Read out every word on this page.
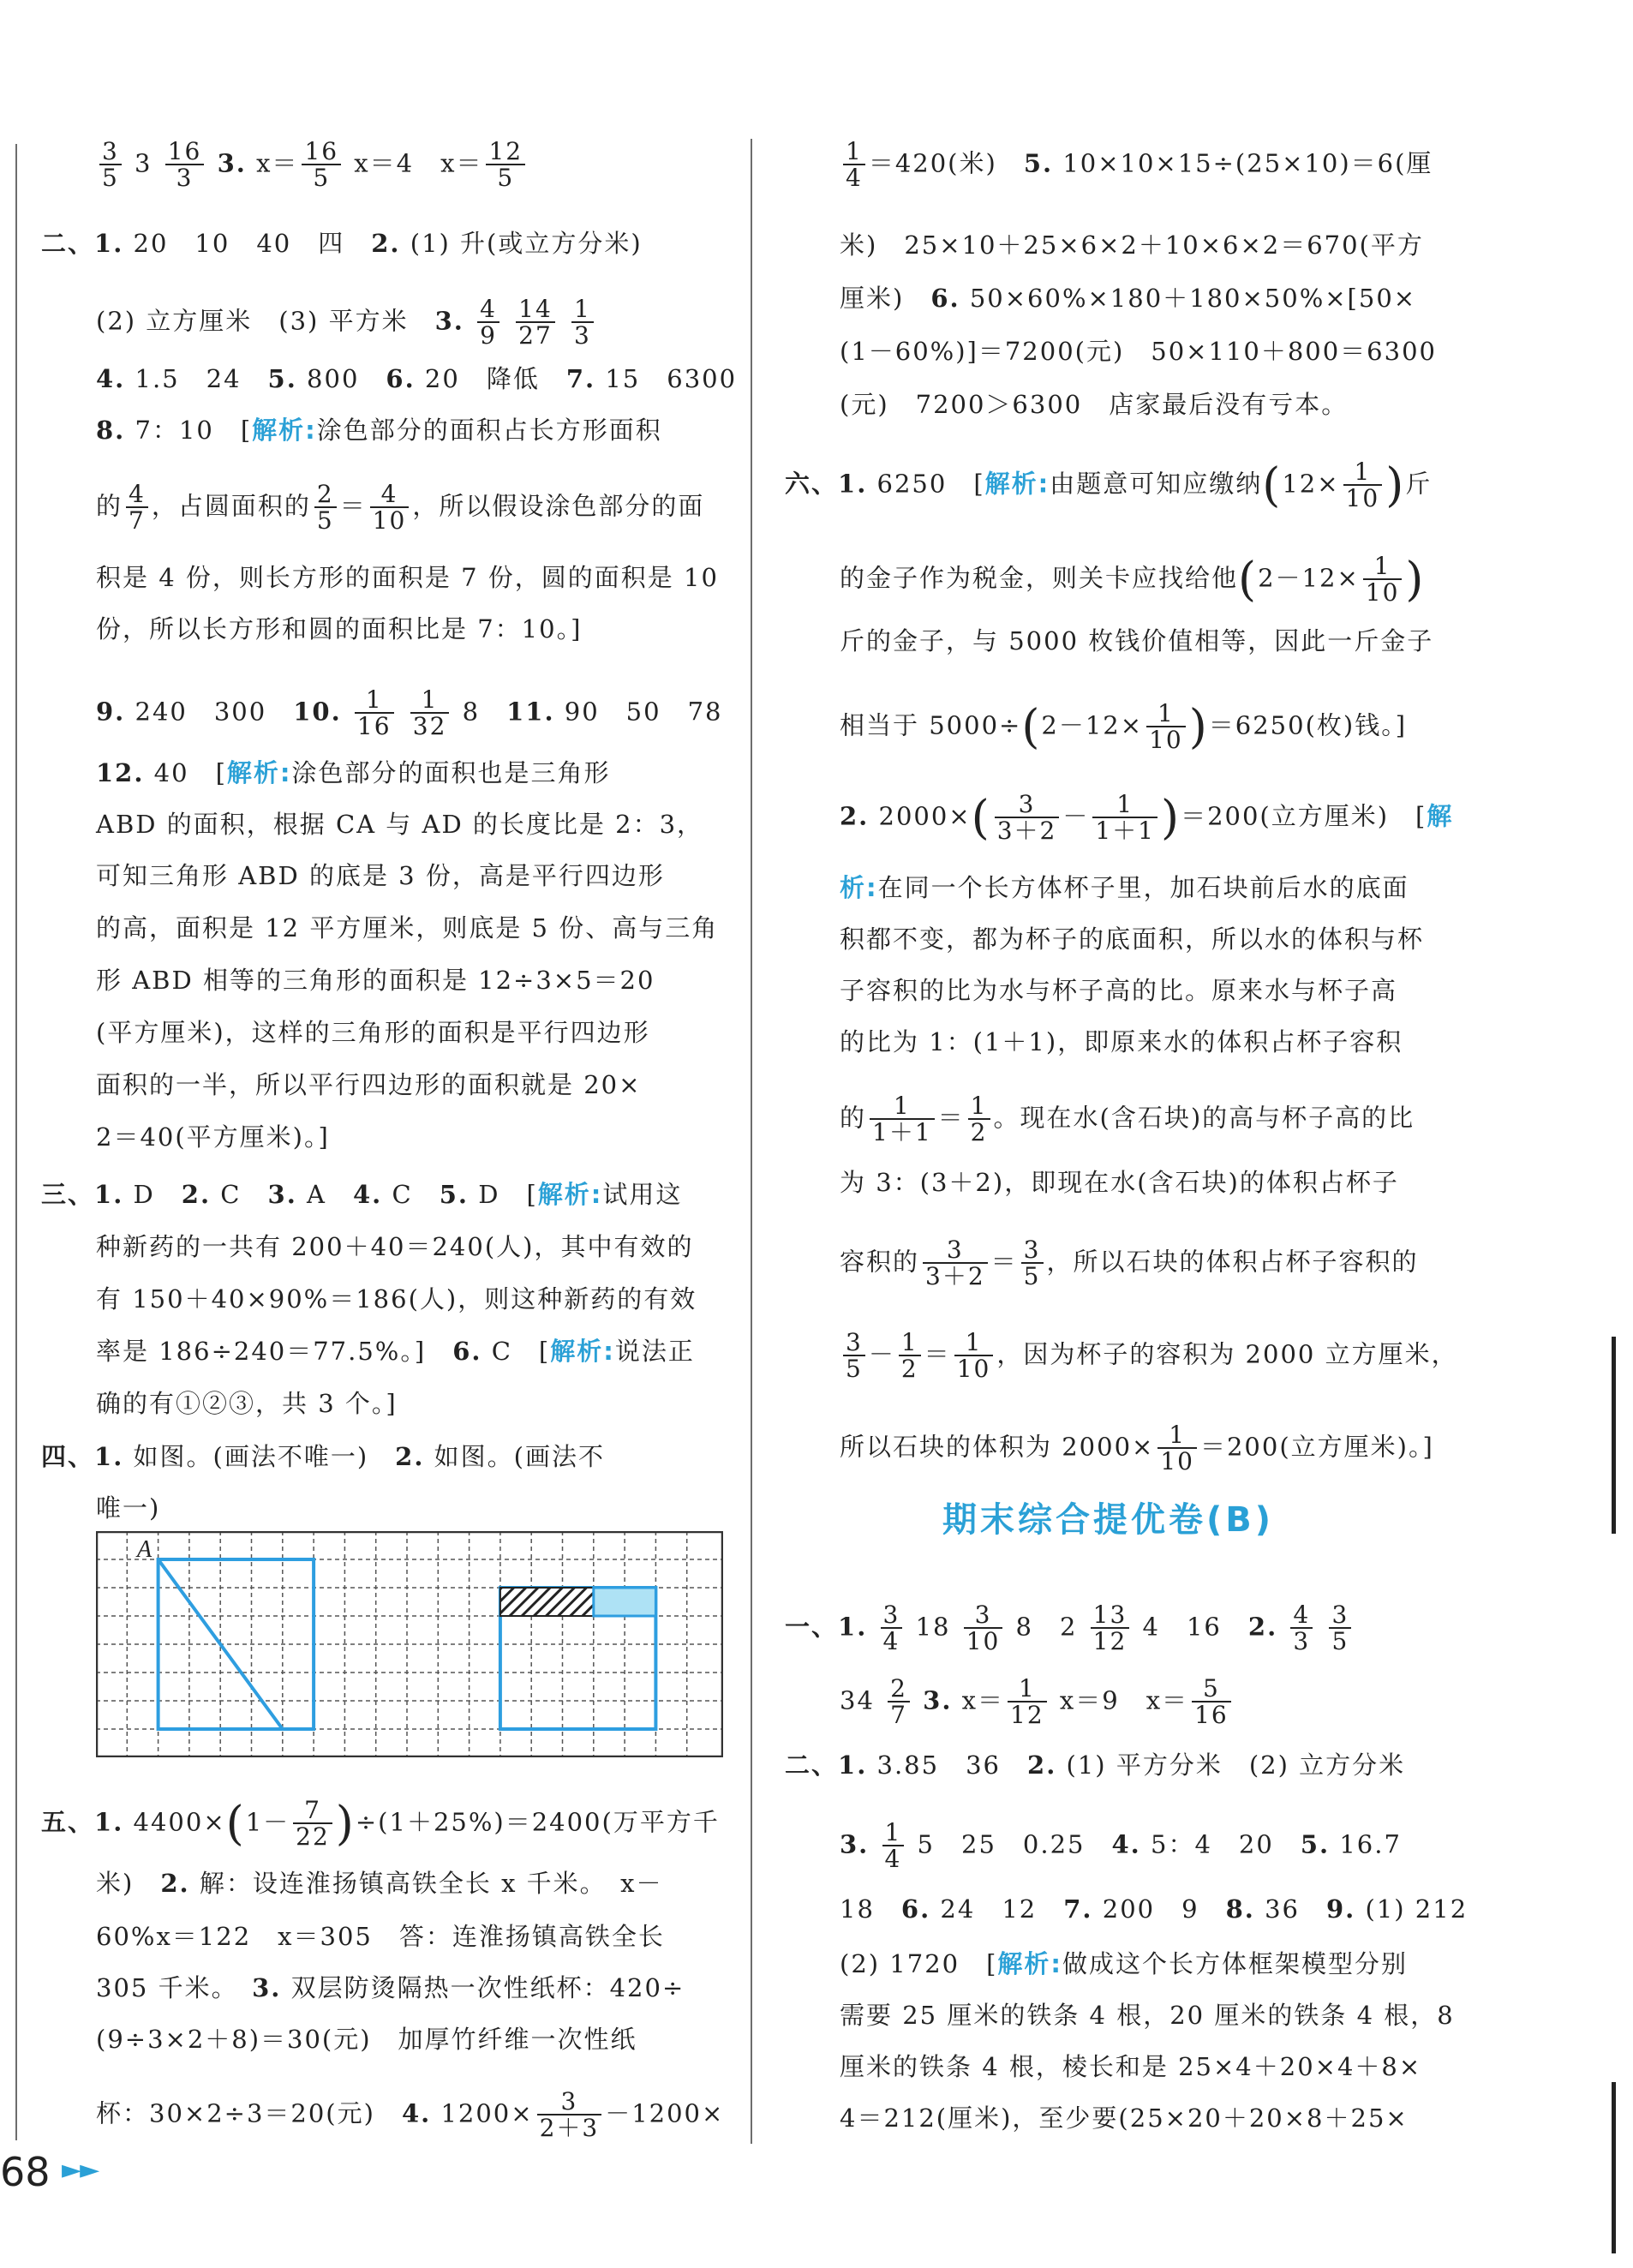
$\frac{3}{5} 3 \frac{16}{3} 3$. $x= \frac{16}{5} x=4$　$x= \frac{12}{5}$
二、1. 20　10　40　四　 2. (1) 升(或立方分米)
(2) 立方厘米　(3) 平方米　 3. $\frac{4}{9}$
$\frac{14}{27}$
$\frac{1}{3}$
4. 1.5　24　 5. 800　 6. 20　降低　 7. 15　6300
8. 7：10　[解析:涂色部分的面积占长方形面积
的 $\frac{4}{7}$ ，占圆面积的 $\frac{2}{5} = \frac{4}{10}$ ，所以假设涂色部分的面
积是 4 份，则长方形的面积是 7 份，圆的面积是 10
份，所以长方形和圆的面积比是 7：10。]
9. 240　300　 10. $\frac{1}{16}$
$\frac{1}{32} 8$　 11. 90　50　78
12. 40　[解析:涂色部分的面积也是三角形
ABD 的面积，根据 CA 与 AD 的长度比是 2：3，
可知三角形 ABD 的底是 3 份，高是平行四边形
的高，面积是 12 平方厘米，则底是 5 份、高与三角
形 ABD 相等的三角形的面积是 12÷3×5＝20
(平方厘米)，这样的三角形的面积是平行四边形
面积的一半，所以平行四边形的面积就是 20×
2＝40(平方厘米)。]
三、1. D　 2. C　 3. A　 4. C　 5. D　[解析:试用这
种新药的一共有 200＋40＝240(人)，其中有效的
有 150＋40×90%＝186(人)，则这种新药的有效
率是 186÷240＝77.5%。]　 6. C　[解析:说法正
确的有①②③，共 3 个。]
四、1. 如图。(画法不唯一)　 2. 如图。(画法不
唯一)
五、1. $4400\times(1- \frac{7}{22} )\div(1+25\%)=2400$(万平方千
米)　 2. 解：设连淮扬镇高铁全长 x 千米。　x－
60%x＝122　x＝305　答：连淮扬镇高铁全长
305 千米。　 3. 双层防烫隔热一次性纸杯：420÷
(9÷3×2＋8)＝30(元)　加厚竹纤维一次性纸
杯：30×2÷3＝20(元)　 4. $1200\times \frac{3}{2+3} -1200\times$
A
$\frac{1}{4} =420$(米)　 5. 10×10×15÷(25×10)＝6(厘
米)　25×10＋25×6×2＋10×6×2＝670(平方
厘米)　 6. 50×60%×180＋180×50%×[50×
(1－60%)]＝7200(元)　50×110＋800＝6300
(元)　7200＞6300　店家最后没有亏本。
六、1. 6250　[解析:由题意可知应缴纳($12\times \frac{1}{10}$ )斤
的金子作为税金，则关卡应找给他($2-12\times \frac{1}{10}$ )
斤的金子，与 5000 枚钱价值相等，因此一斤金子
相当于 $5000\div(2-12\times \frac{1}{10} )=6250$(枚)钱。]
2. $2000\times( \frac{3}{3+2} - \frac{1}{1+1} )=200$(立方厘米)　[解
析:在同一个长方体杯子里，加石块前后水的底面
积都不变，都为杯子的底面积，所以水的体积与杯
子容积的比为水与杯子高的比。原来水与杯子高
的比为 1：(1＋1)，即原来水的体积占杯子容积
的 $\frac{1}{1+1} = \frac{1}{2}$ 。现在水(含石块)的高与杯子高的比
为 3：(3＋2)，即现在水(含石块)的体积占杯子
容积的 $\frac{3}{3+2} = \frac{3}{5}$ ，所以石块的体积占杯子容积的
$\frac{3}{5} - \frac{1}{2} = \frac{1}{10}$ ，因为杯子的容积为 2000 立方厘米，
所以石块的体积为 $2000\times \frac{1}{10} =200$(立方厘米)。]
一、1. $\frac{3}{4} 18 \frac{3}{10} 8$　$2 \frac{13}{12} 4$　16　 2. $\frac{4}{3}$
$\frac{3}{5}$
$34 \frac{2}{7} 3$. $x= \frac{1}{12} x=9$　$x= \frac{5}{16}$
二、1. 3.85　36　 2. (1) 平方分米　(2) 立方分米
3. $\frac{1}{4} 5$　25　0.25　 4. 5：4　20　 5. 16.7
18　 6. 24　12　 7. 200　9　 8. 36　 9. (1) 212
(2) 1720　[解析:做成这个长方体框架模型分别
需要 25 厘米的铁条 4 根，20 厘米的铁条 4 根，8
厘米的铁条 4 根，棱长和是 25×4＋20×4＋8×
4＝212(厘米)，至少要(25×20＋20×8＋25×
期末综合提优卷(B)
68 ►►
